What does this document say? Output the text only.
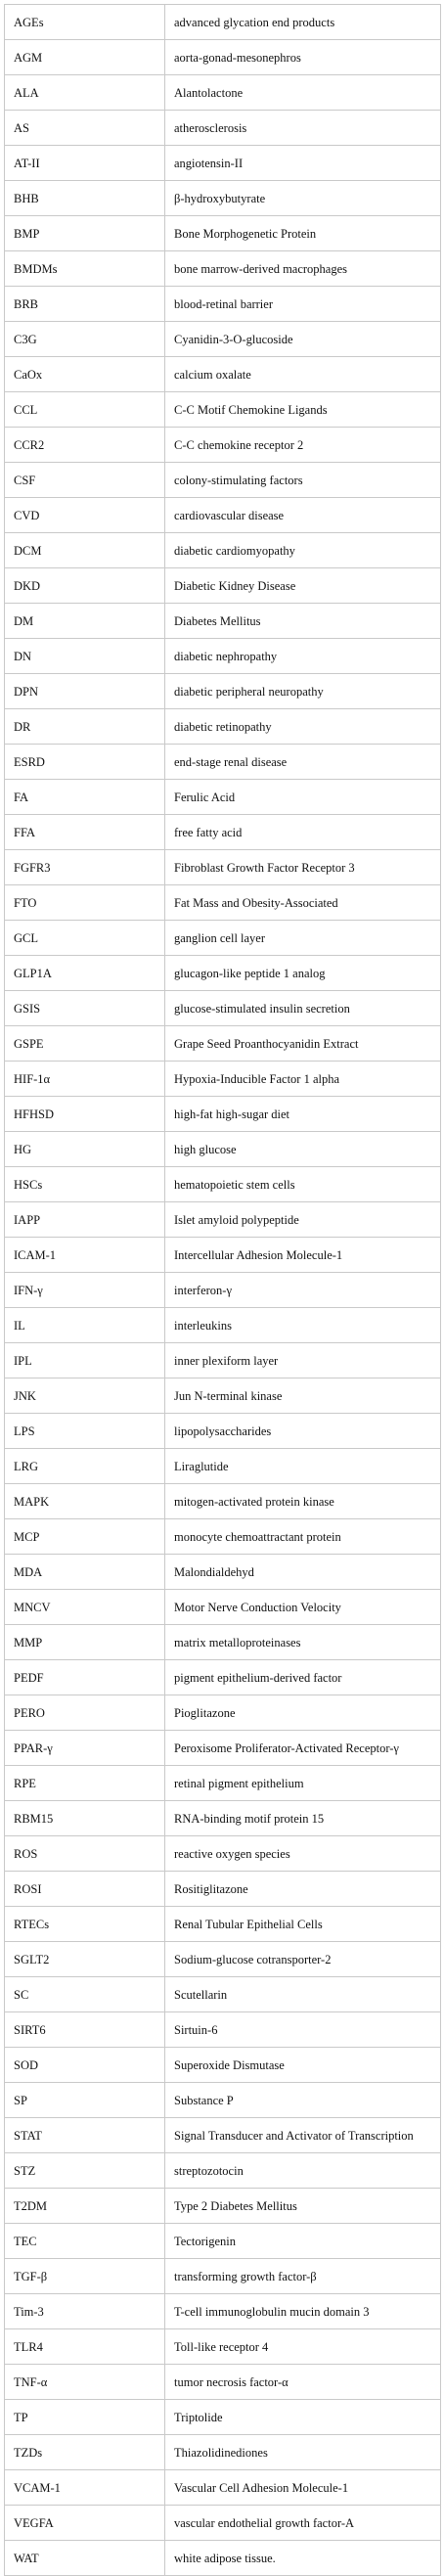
AGEs	advanced glycation end products
AGM	aorta-gonad-mesonephros
ALA	Alantolactone
AS	atherosclerosis
AT-II	angiotensin-II
BHB	β-hydroxybutyrate
BMP	Bone Morphogenetic Protein
BMDMs	bone marrow-derived macrophages
BRB	blood-retinal barrier
C3G	Cyanidin-3-O-glucoside
CaOx	calcium oxalate
CCL	C-C Motif Chemokine Ligands
CCR2	C-C chemokine receptor 2
CSF	colony-stimulating factors
CVD	cardiovascular disease
DCM	diabetic cardiomyopathy
DKD	Diabetic Kidney Disease
DM	Diabetes Mellitus
DN	diabetic nephropathy
DPN	diabetic peripheral neuropathy
DR	diabetic retinopathy
ESRD	end-stage renal disease
FA	Ferulic Acid
FFA	free fatty acid
FGFR3	Fibroblast Growth Factor Receptor 3
FTO	Fat Mass and Obesity-Associated
GCL	ganglion cell layer
GLP1A	glucagon-like peptide 1 analog
GSIS	glucose-stimulated insulin secretion
GSPE	Grape Seed Proanthocyanidin Extract
HIF-1α	Hypoxia-Inducible Factor 1 alpha
HFHSD	high-fat high-sugar diet
HG	high glucose
HSCs	hematopoietic stem cells
IAPP	Islet amyloid polypeptide
ICAM-1	Intercellular Adhesion Molecule-1
IFN-γ	interferon-γ
IL	interleukins
IPL	inner plexiform layer
JNK	Jun N-terminal kinase
LPS	lipopolysaccharides
LRG	Liraglutide
MAPK	mitogen-activated protein kinase
MCP	monocyte chemoattractant protein
MDA	Malondialdehyd
MNCV	Motor Nerve Conduction Velocity
MMP	matrix metalloproteinases
PEDF	pigment epithelium-derived factor
PERO	Pioglitazone
PPAR-γ	Peroxisome Proliferator-Activated Receptor-γ
RPE	retinal pigment epithelium
RBM15	RNA-binding motif protein 15
ROS	reactive oxygen species
ROSI	Rositiglitazone
RTECs	Renal Tubular Epithelial Cells
SGLT2	Sodium-glucose cotransporter-2
SC	Scutellarin
SIRT6	Sirtuin-6
SOD	Superoxide Dismutase
SP	Substance P
STAT	Signal Transducer and Activator of Transcription
STZ	streptozotocin
T2DM	Type 2 Diabetes Mellitus
TEC	Tectorigenin
TGF-β	transforming growth factor-β
Tim-3	T-cell immunoglobulin mucin domain 3
TLR4	Toll-like receptor 4
TNF-α	tumor necrosis factor-α
TP	Triptolide
TZDs	Thiazolidinediones
VCAM-1	Vascular Cell Adhesion Molecule-1
VEGFA	vascular endothelial growth factor-A
WAT	white adipose tissue.
